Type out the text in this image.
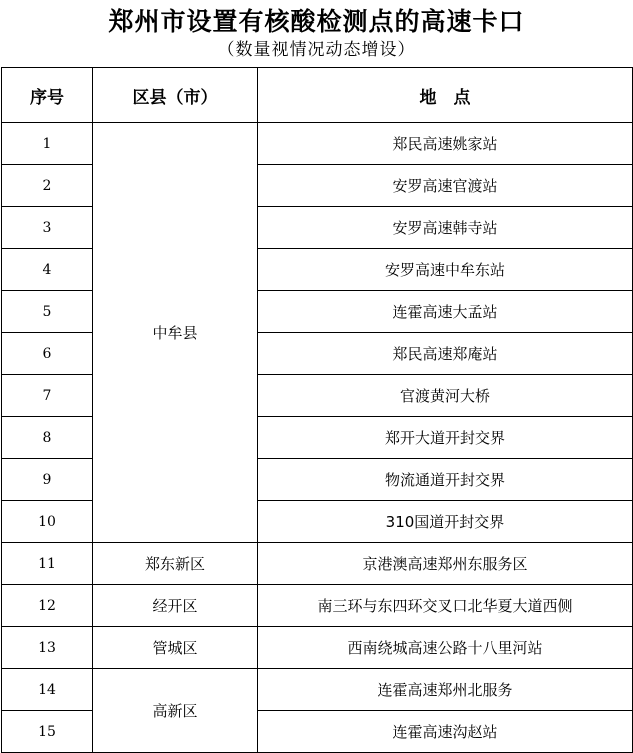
郑州市设置有核酸检测点的高速卡口
（数量视情况动态增设）
序号	区县（市）	地　点
1	中牟县	郑民高速姚家站
2		安罗高速官渡站
3		安罗高速韩寺站
4		安罗高速中牟东站
5		连霍高速大孟站
6		郑民高速郑庵站
7		官渡黄河大桥
8		郑开大道开封交界
9		物流通道开封交界
10		310国道开封交界
11	郑东新区	京港澳高速郑州东服务区
12	经开区	南三环与东四环交叉口北华夏大道西侧
13	管城区	西南绕城高速公路十八里河站
14	高新区	连霍高速郑州北服务
15		连霍高速沟赵站
